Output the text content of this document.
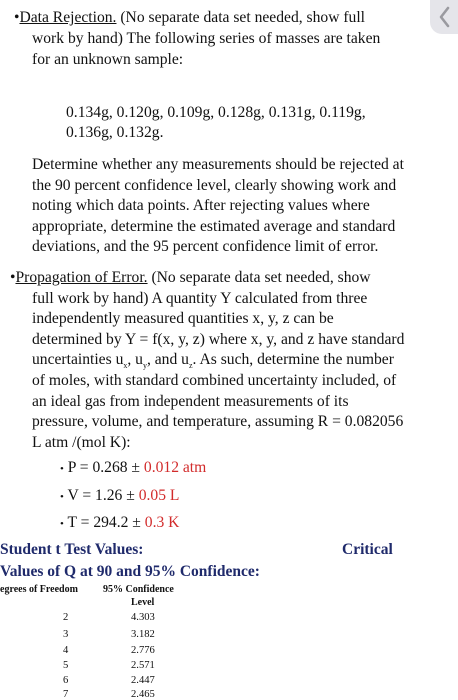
•Data Rejection. (No separate data set needed, show full
work by hand) The following series of masses are taken
for an unknown sample:
0.134g, 0.120g, 0.109g, 0.128g, 0.131g, 0.119g,
0.136g, 0.132g.
Determine whether any measurements should be rejected at
the 90 percent confidence level, clearly showing work and
noting which data points. After rejecting values where
appropriate, determine the estimated average and standard
deviations, and the 95 percent confidence limit of error.
•Propagation of Error. (No separate data set needed, show
full work by hand) A quantity Y calculated from three
independently measured quantities x, y, z can be
determined by Y = f(x, y, z) where x, y, and z have standard
uncertainties $u_x$, $u_y$, and $u_z$. As such, determine the number
of moles, with standard combined uncertainty included, of
an ideal gas from independent measurements of its
pressure, volume, and temperature, assuming R = 0.082056
L atm /(mol K):
• P = 0.268 ± 0.012 atm
• V = 1.26 ± 0.05 L
• T = 294.2 ± 0.3 K
Student t Test Values:	Critical
Values of Q at 90 and 95% Confidence:
egrees of Freedom	95% Confidence
Level
2	4.303
3	3.182
4	2.776
5	2.571
6	2.447
7	2.465
